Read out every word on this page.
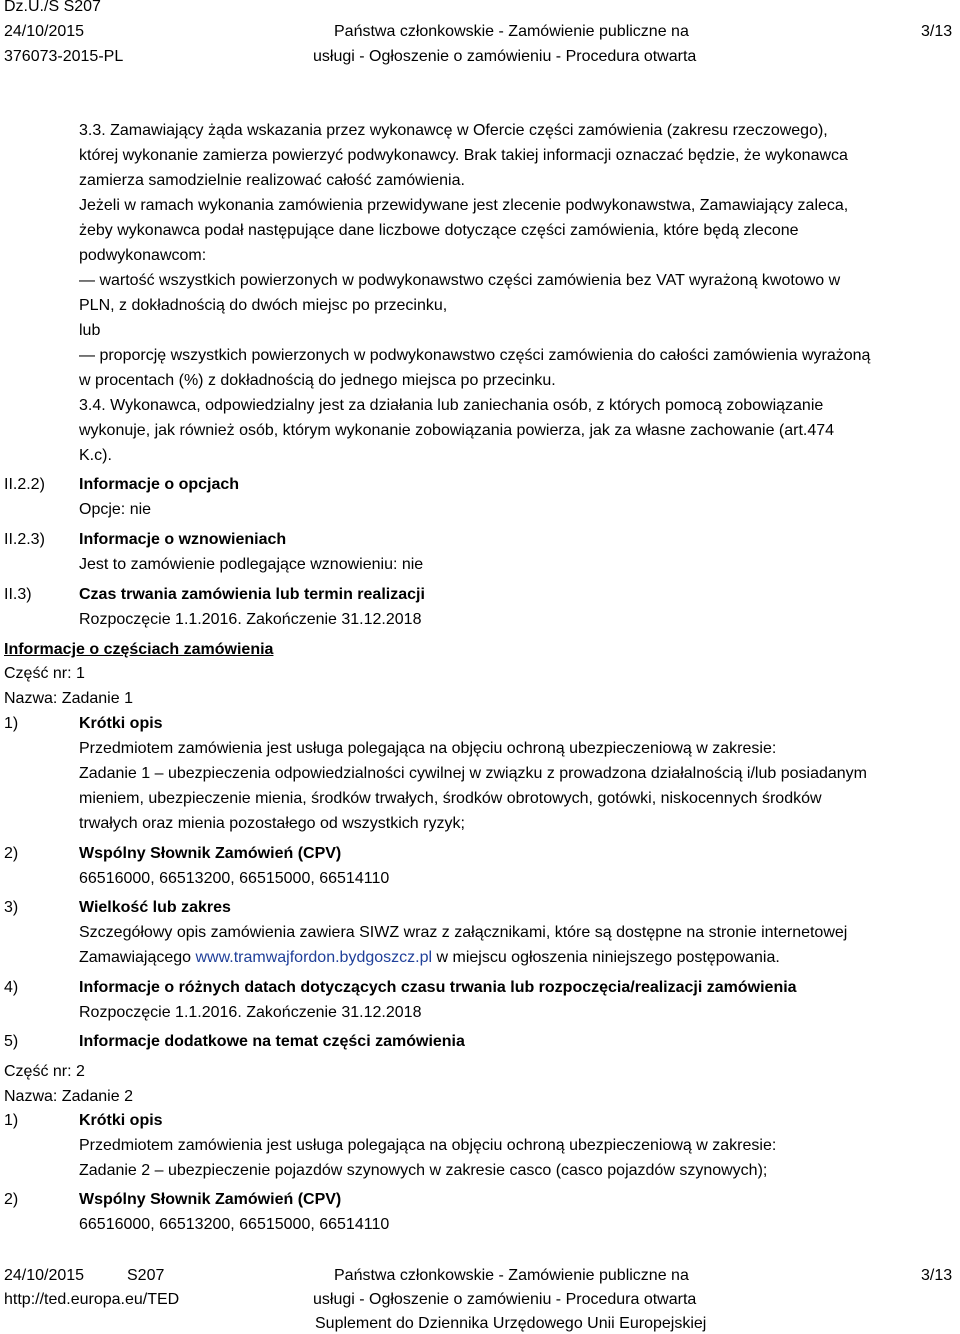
Dz.U./S S207
24/10/2015
376073-2015-PL
Państwa członkowskie - Zamówienie publiczne na
usługi - Ogłoszenie o zamówieniu - Procedura otwarta
3/13
3.3. Zamawiający żąda wskazania przez wykonawcę w Ofercie części zamówienia (zakresu rzeczowego),
której wykonanie zamierza powierzyć podwykonawcy. Brak takiej informacji oznaczać będzie, że wykonawca
zamierza samodzielnie realizować całość zamówienia.
Jeżeli w ramach wykonania zamówienia przewidywane jest zlecenie podwykonawstwa, Zamawiający zaleca,
żeby wykonawca podał następujące dane liczbowe dotyczące części zamówienia, które będą zlecone
podwykonawcom:
— wartość wszystkich powierzonych w podwykonawstwo części zamówienia bez VAT wyrażoną kwotowo w
PLN, z dokładnością do dwóch miejsc po przecinku,
lub
— proporcję wszystkich powierzonych w podwykonawstwo części zamówienia do całości zamówienia wyrażoną
w procentach (%) z dokładnością do jednego miejsca po przecinku.
3.4. Wykonawca, odpowiedzialny jest za działania lub zaniechania osób, z których pomocą zobowiązanie
wykonuje, jak również osób, którym wykonanie zobowiązania powierza, jak za własne zachowanie (art.474
K.c).
II.2.2) Informacje o opcjach
Opcje: nie
II.2.3) Informacje o wznowieniach
Jest to zamówienie podlegające wznowieniu: nie
II.3)	Czas trwania zamówienia lub termin realizacji
Rozpoczęcie 1.1.2016. Zakończenie 31.12.2018
Informacje o częściach zamówienia
Część nr: 1
Nazwa: Zadanie 1
1)	Krótki opis
Przedmiotem zamówienia jest usługa polegająca na objęciu ochroną ubezpieczeniową w zakresie:
Zadanie 1 – ubezpieczenia odpowiedzialności cywilnej w związku z prowadzona działalnością i/lub posiadanym
mieniem, ubezpieczenie mienia, środków trwałych, środków obrotowych, gotówki, niskocennych środków
trwałych oraz mienia pozostałego od wszystkich ryzyk;
2)	Wspólny Słownik Zamówień (CPV)
66516000, 66513200, 66515000, 66514110
3)	Wielkość lub zakres
Szczegółowy opis zamówienia zawiera SIWZ wraz z załącznikami, które są dostępne na stronie internetowej
Zamawiającego www.tramwajfordon.bydgoszcz.pl w miejscu ogłoszenia niniejszego postępowania.
4)	Informacje o różnych datach dotyczących czasu trwania lub rozpoczęcia/realizacji zamówienia
Rozpoczęcie 1.1.2016. Zakończenie 31.12.2018
5)	Informacje dodatkowe na temat części zamówienia
Część nr: 2
Nazwa: Zadanie 2
1)	Krótki opis
Przedmiotem zamówienia jest usługa polegająca na objęciu ochroną ubezpieczeniową w zakresie:
Zadanie 2 – ubezpieczenie pojazdów szynowych w zakresie casco (casco pojazdów szynowych);
2)	Wspólny Słownik Zamówień (CPV)
66516000, 66513200, 66515000, 66514110
24/10/2015	S207
http://ted.europa.eu/TED
Państwa członkowskie - Zamówienie publiczne na
usługi - Ogłoszenie o zamówieniu - Procedura otwarta
Suplement do Dziennika Urzędowego Unii Europejskiej
3/13
